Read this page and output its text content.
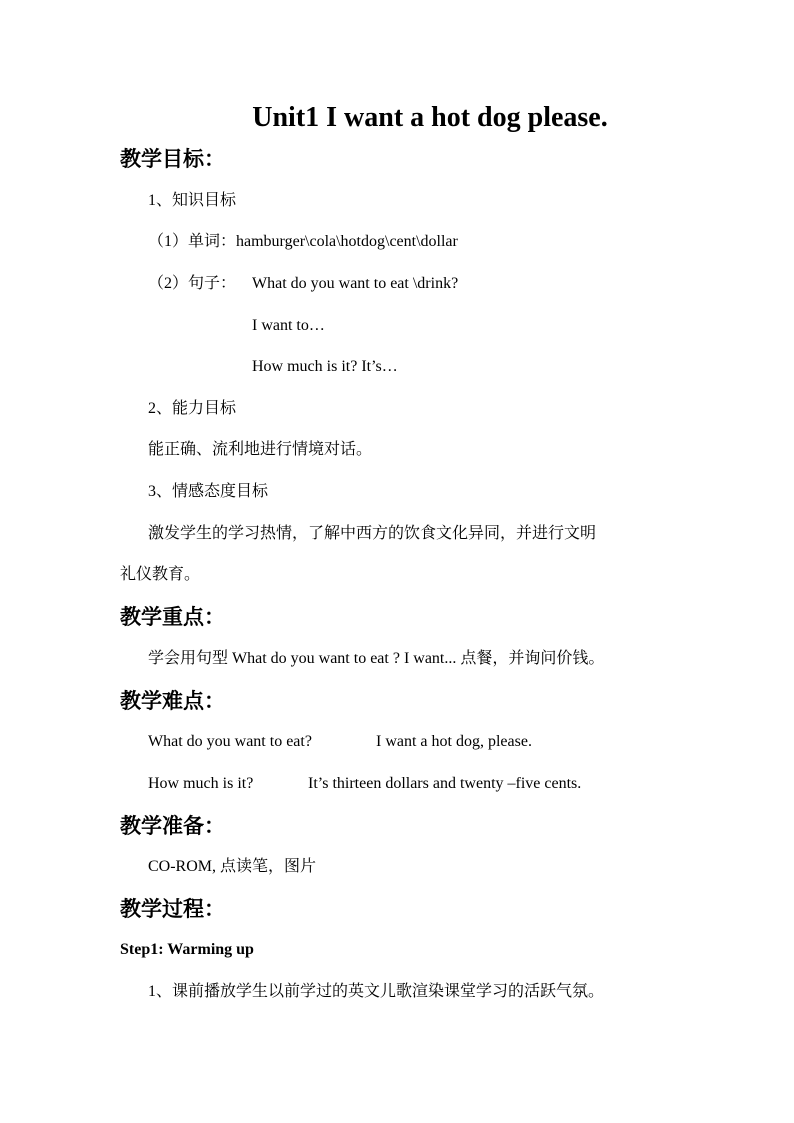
Unit1 I want a hot dog please.
教学目标：
1、知识目标
（1）单词：hamburger\cola\hotdog\cent\dollar
（2）句子： What do you want to eat \drink?
I want to…
How much is it? It’s…
2、能力目标
能正确、流利地进行情境对话。
3、情感态度目标
激发学生的学习热情，了解中西方的饮食文化异同，并进行文明
礼仪教育。
教学重点：
学会用句型 What do you want to eat ? I want... 点餐，并询问价钱。
教学难点：
What do you want to eat?	I want a hot dog, please.
How much is it?	It’s thirteen dollars and twenty –five cents.
教学准备：
CO-ROM, 点读笔，图片
教学过程：
Step1: Warming up
1、课前播放学生以前学过的英文儿歌渲染课堂学习的活跃气氛。
